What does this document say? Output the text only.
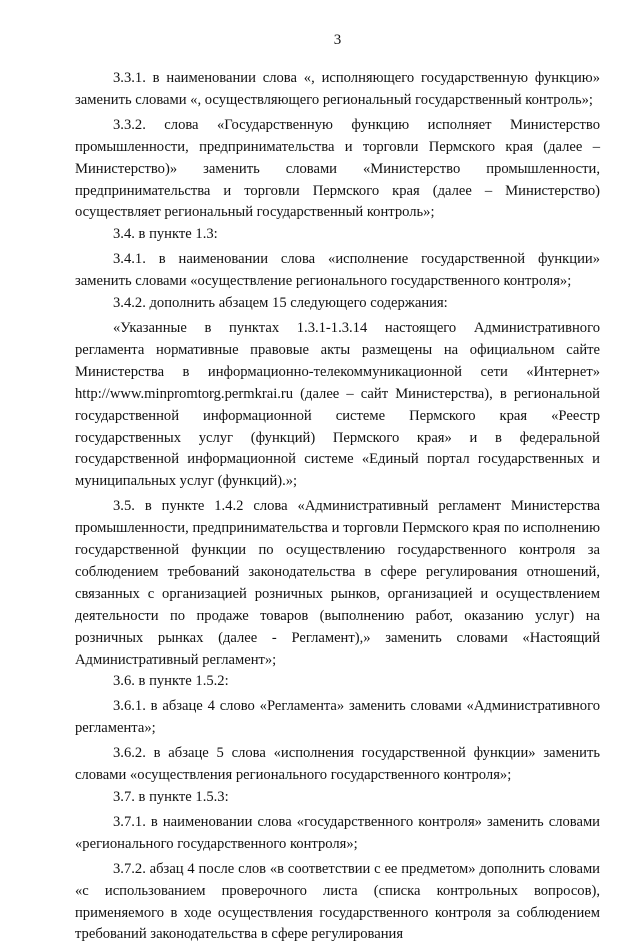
3

3.3.1. в наименовании слова «, исполняющего государственную функцию» заменить словами «, осуществляющего региональный государственный контроль»;

3.3.2. слова «Государственную функцию исполняет Министерство промышленности, предпринимательства и торговли Пермского края (далее – Министерство)» заменить словами «Министерство промышленности, предпринимательства и торговли Пермского края (далее – Министерство) осуществляет региональный государственный контроль»;

3.4. в пункте 1.3:

3.4.1. в наименовании слова «исполнение государственной функции» заменить словами «осуществление регионального государственного контроля»;

3.4.2. дополнить абзацем 15 следующего содержания:

«Указанные в пунктах 1.3.1-1.3.14 настоящего Административного регламента нормативные правовые акты размещены на официальном сайте Министерства в информационно-телекоммуникационной сети «Интернет» http://www.minpromtorg.permkrai.ru (далее – сайт Министерства), в региональной государственной информационной системе Пермского края «Реестр государственных услуг (функций) Пермского края» и в федеральной государственной информационной системе «Единый портал государственных и муниципальных услуг (функций).»;

3.5. в пункте 1.4.2 слова «Административный регламент Министерства промышленности, предпринимательства и торговли Пермского края по исполнению государственной функции по осуществлению государственного контроля за соблюдением требований законодательства в сфере регулирования отношений, связанных с организацией розничных рынков, организацией и осуществлением деятельности по продаже товаров (выполнению работ, оказанию услуг) на розничных рынках (далее - Регламент),» заменить словами «Настоящий Административный регламент»;

3.6. в пункте 1.5.2:

3.6.1. в абзаце 4 слово «Регламента» заменить словами «Административного регламента»;

3.6.2. в абзаце 5 слова «исполнения государственной функции» заменить словами «осуществления регионального государственного контроля»;

3.7. в пункте 1.5.3:

3.7.1. в наименовании слова «государственного контроля» заменить словами «регионального государственного контроля»;

3.7.2. абзац 4 после слов «в соответствии с ее предметом» дополнить словами «с использованием проверочного листа (списка контрольных вопросов), применяемого в ходе осуществления государственного контроля за соблюдением требований законодательства в сфере регулирования
